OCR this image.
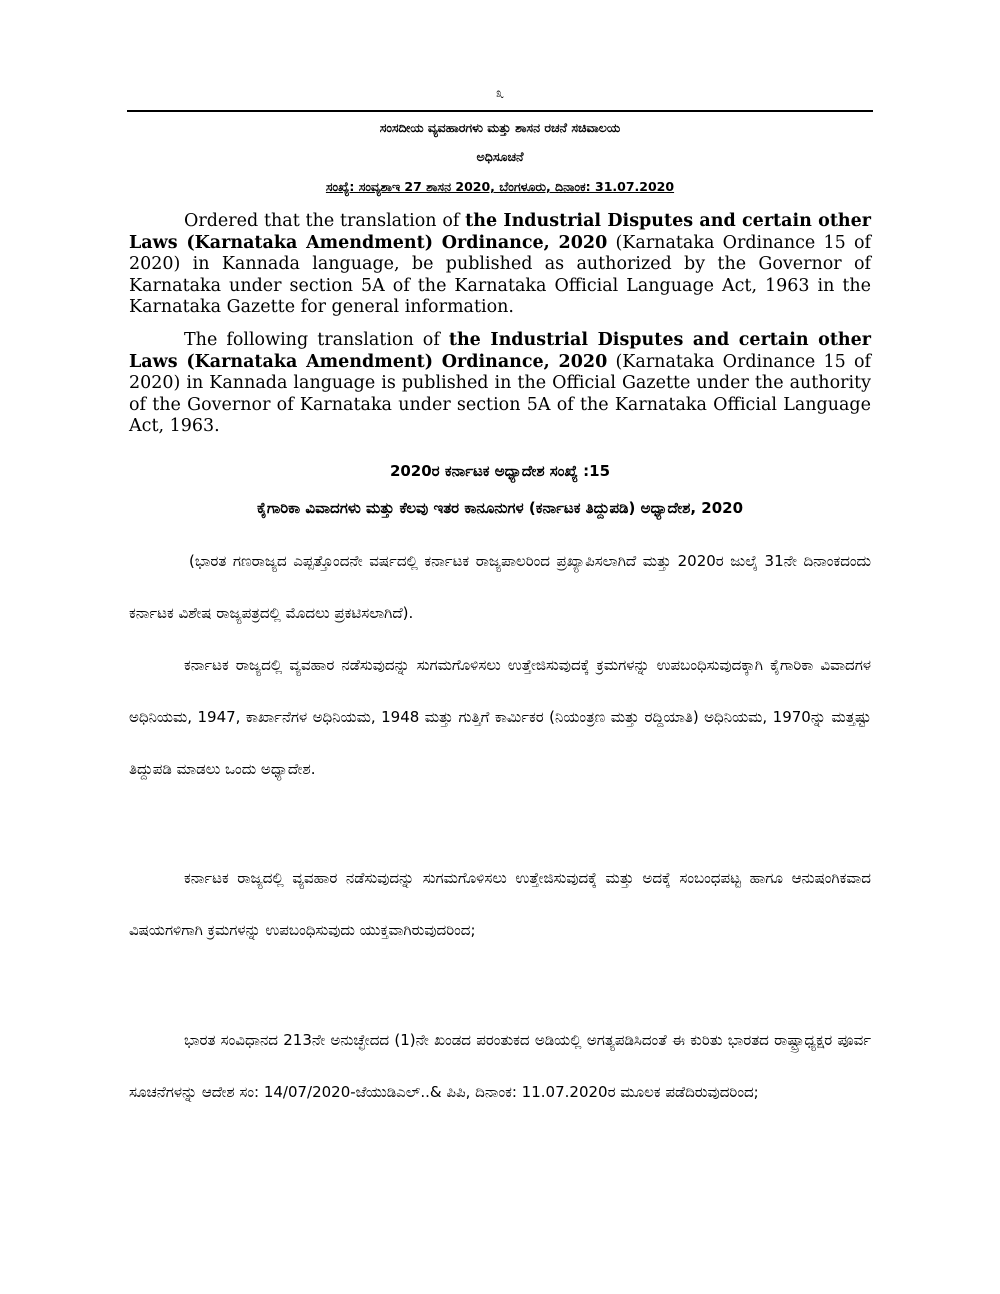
೩
ಸಂಸದೀಯ ವ್ಯವಹಾರಗಳು ಮತ್ತು ಶಾಸನ ರಚನೆ ಸಚಿವಾಲಯ
ಅಧಿಸೂಚನೆ
ಸಂಖ್ಯೆ: ಸಂವ್ಯಶಾಇ 27 ಶಾಸನ 2020, ಬೆಂಗಳೂರು, ದಿನಾಂಕ: 31.07.2020

Ordered that the translation of the Industrial Disputes and certain other Laws (Karnataka Amendment) Ordinance, 2020 (Karnataka Ordinance 15 of 2020) in Kannada language, be published as authorized by the Governor of Karnataka under section 5A of the Karnataka Official Language Act, 1963 in the Karnataka Gazette for general information.

The following translation of the Industrial Disputes and certain other Laws (Karnataka Amendment) Ordinance, 2020 (Karnataka Ordinance 15 of 2020) in Kannada language is published in the Official Gazette under the authority of the Governor of Karnataka under section 5A of the Karnataka Official Language Act, 1963.

2020ರ ಕರ್ನಾಟಕ ಅಧ್ಯಾದೇಶ ಸಂಖ್ಯೆ :15
ಕೈಗಾರಿಕಾ ವಿವಾದಗಳು ಮತ್ತು ಕೆಲವು ಇತರ ಕಾನೂನುಗಳ (ಕರ್ನಾಟಕ ತಿದ್ದುಪಡಿ) ಅಧ್ಯಾದೇಶ, 2020

(ಭಾರತ ಗಣರಾಜ್ಯದ ಎಪ್ಪತ್ತೊಂದನೇ ವರ್ಷದಲ್ಲಿ ಕರ್ನಾಟಕ ರಾಜ್ಯಪಾಲರಿಂದ ಪ್ರಖ್ಯಾಪಿಸಲಾಗಿದೆ ಮತ್ತು 2020ರ ಜುಲೈ 31ನೇ ದಿನಾಂಕದಂದು ಕರ್ನಾಟಕ ವಿಶೇಷ ರಾಜ್ಯಪತ್ರದಲ್ಲಿ ಮೊದಲು ಪ್ರಕಟಿಸಲಾಗಿದೆ).

ಕರ್ನಾಟಕ ರಾಜ್ಯದಲ್ಲಿ ವ್ಯವಹಾರ ನಡೆಸುವುದನ್ನು ಸುಗಮಗೊಳಿಸಲು ಉತ್ತೇಜಿಸುವುದಕ್ಕೆ ಕ್ರಮಗಳನ್ನು ಉಪಬಂಧಿಸುವುದಕ್ಕಾಗಿ ಕೈಗಾರಿಕಾ ವಿವಾದಗಳ ಅಧಿನಿಯಮ, 1947, ಕಾರ್ಖಾನೆಗಳ ಅಧಿನಿಯಮ, 1948 ಮತ್ತು ಗುತ್ತಿಗೆ ಕಾರ್ಮಿಕರ (ನಿಯಂತ್ರಣ ಮತ್ತು ರದ್ದಿಯಾತಿ) ಅಧಿನಿಯಮ, 1970ನ್ನು ಮತ್ತಷ್ಟು ತಿದ್ದುಪಡಿ ಮಾಡಲು ಒಂದು ಅಧ್ಯಾದೇಶ.

ಕರ್ನಾಟಕ ರಾಜ್ಯದಲ್ಲಿ ವ್ಯವಹಾರ ನಡೆಸುವುದನ್ನು ಸುಗಮಗೊಳಿಸಲು ಉತ್ತೇಜಿಸುವುದಕ್ಕೆ ಮತ್ತು ಅದಕ್ಕೆ ಸಂಬಂಧಪಟ್ಟ ಹಾಗೂ ಆನುಷಂಗಿಕವಾದ ವಿಷಯಗಳಿಗಾಗಿ ಕ್ರಮಗಳನ್ನು ಉಪಬಂಧಿಸುವುದು ಯುಕ್ತವಾಗಿರುವುದರಿಂದ;

ಭಾರತ ಸಂವಿಧಾನದ 213ನೇ ಅನುಚ್ಛೇದದ (1)ನೇ ಖಂಡದ ಪರಂತುಕದ ಅಡಿಯಲ್ಲಿ ಅಗತ್ಯಪಡಿಸಿದಂತೆ ಈ ಕುರಿತು ಭಾರತದ ರಾಷ್ಟ್ರಾಧ್ಯಕ್ಷರ ಪೂರ್ವ ಸೂಚನೆಗಳನ್ನು ಆದೇಶ ಸಂ: 14/07/2020-ಜೆಯುಡಿಎಲ್..& ಪಿಪಿ, ದಿನಾಂಕ: 11.07.2020ರ ಮೂಲಕ ಪಡೆದಿರುವುದರಿಂದ;
